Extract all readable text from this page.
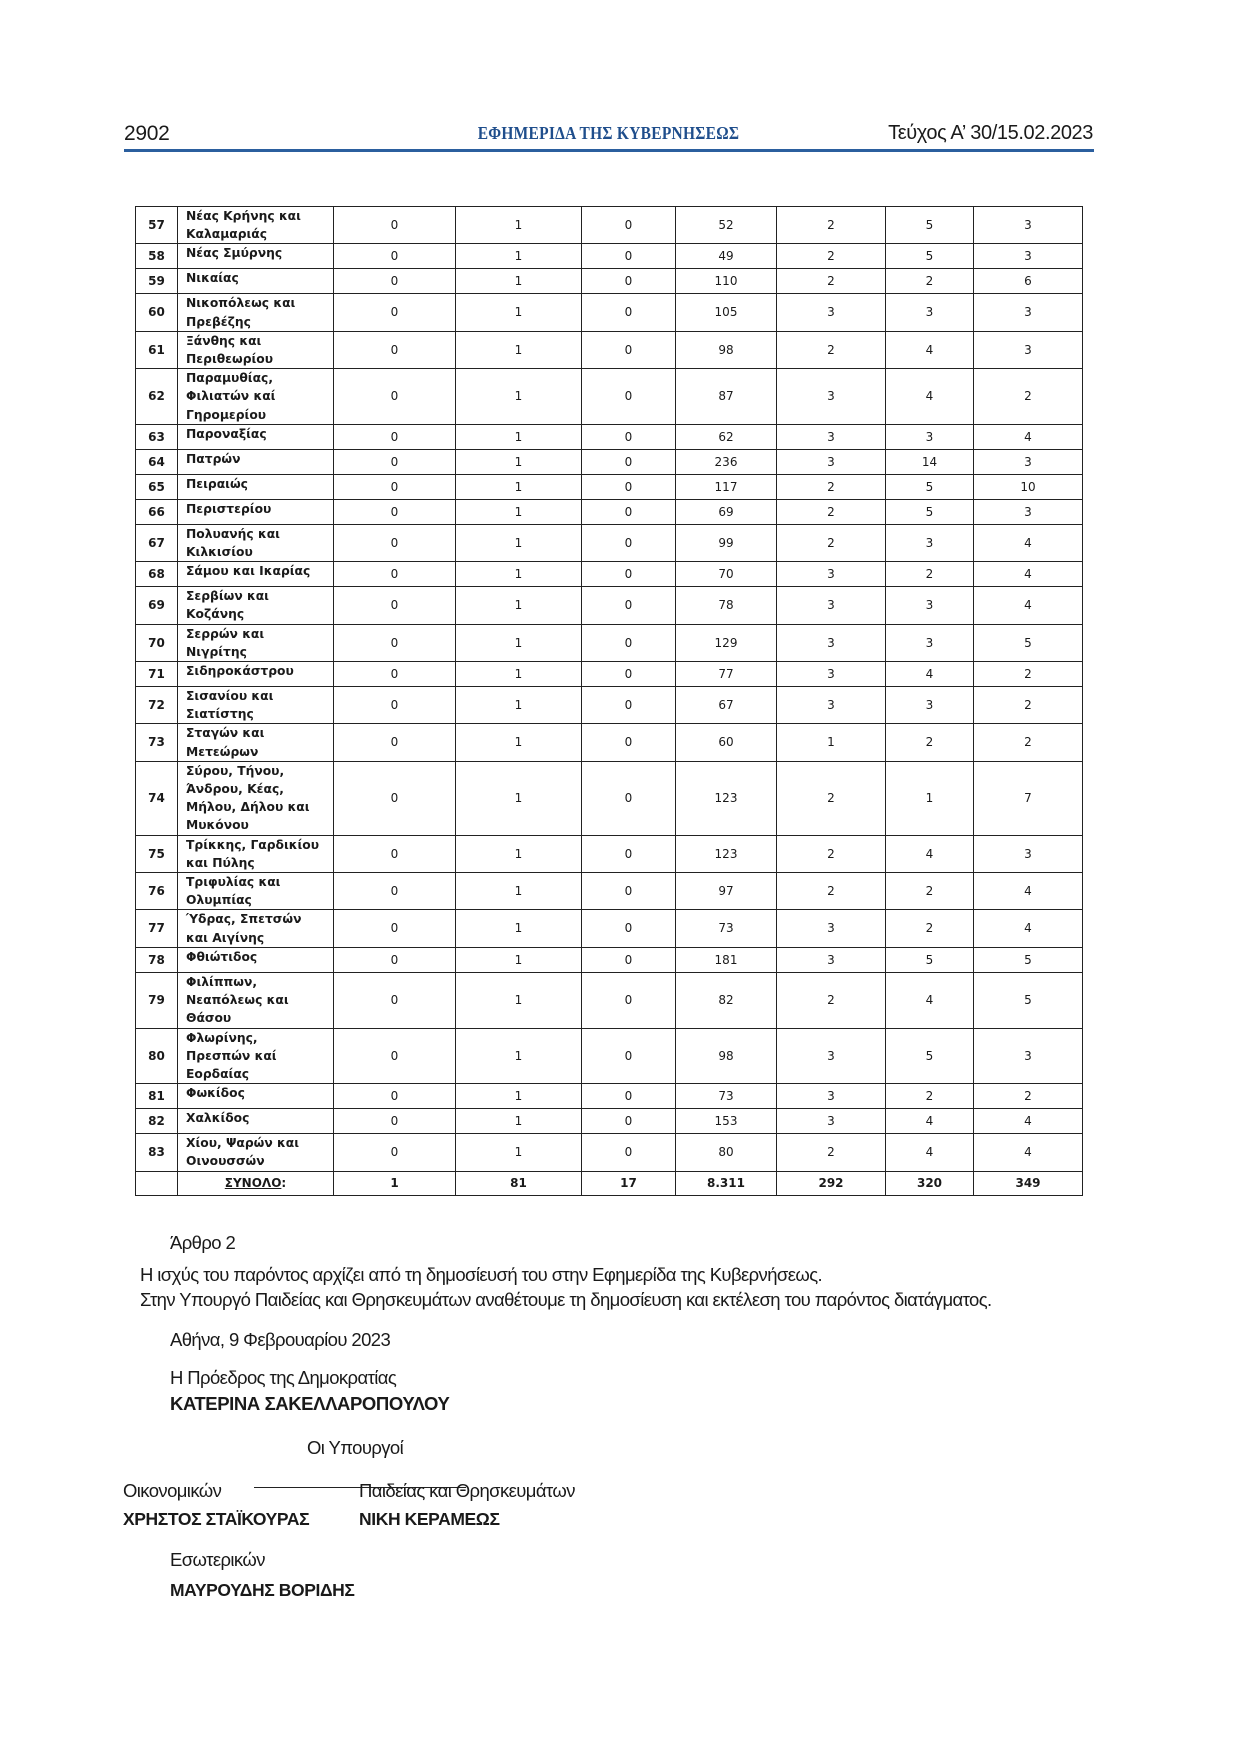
2902	ΕΦΗΜΕΡΙΔΑ ΤΗΣ ΚΥΒΕΡΝΗΣΕΩΣ	Τεύχος Α’ 30/15.02.2023
57	Νέας Κρήνης και Καλαμαριάς	0	1	0	52	2	5	3
58	Νέας Σμύρνης	0	1	0	49	2	5	3
59	Νικαίας	0	1	0	110	2	2	6
60	Νικοπόλεως και Πρεβέζης	0	1	0	105	3	3	3
61	Ξάνθης και Περιθεωρίου	0	1	0	98	2	4	3
62	Παραμυθίας, Φιλιατών καί Γηρομερίου	0	1	0	87	3	4	2
63	Παροναξίας	0	1	0	62	3	3	4
64	Πατρών	0	1	0	236	3	14	3
65	Πειραιώς	0	1	0	117	2	5	10
66	Περιστερίου	0	1	0	69	2	5	3
67	Πολυανής και Κιλκισίου	0	1	0	99	2	3	4
68	Σάμου και Ικαρίας	0	1	0	70	3	2	4
69	Σερβίων και Κοζάνης	0	1	0	78	3	3	4
70	Σερρών και Νιγρίτης	0	1	0	129	3	3	5
71	Σιδηροκάστρου	0	1	0	77	3	4	2
72	Σισανίου και Σιατίστης	0	1	0	67	3	3	2
73	Σταγών και Μετεώρων	0	1	0	60	1	2	2
74	Σύρου, Τήνου, Άνδρου, Κέας, Μήλου, Δήλου και Μυκόνου	0	1	0	123	2	1	7
75	Τρίκκης, Γαρδικίου και Πύλης	0	1	0	123	2	4	3
76	Τριφυλίας και Ολυμπίας	0	1	0	97	2	2	4
77	Ύδρας, Σπετσών και Αιγίνης	0	1	0	73	3	2	4
78	Φθιώτιδος	0	1	0	181	3	5	5
79	Φιλίππων, Νεαπόλεως και Θάσου	0	1	0	82	2	4	5
80	Φλωρίνης, Πρεσπών καί Εορδαίας	0	1	0	98	3	5	3
81	Φωκίδος	0	1	0	73	3	2	2
82	Χαλκίδος	0	1	0	153	3	4	4
83	Χίου, Ψαρών και Οινουσσών	0	1	0	80	2	4	4
	ΣΥΝΟΛΟ:	1	81	17	8.311	292	320	349
Άρθρο 2
Η ισχύς του παρόντος αρχίζει από τη δημοσίευσή του στην Εφημερίδα της Κυβερνήσεως.
Στην Υπουργό Παιδείας και Θρησκευμάτων αναθέτουμε τη δημοσίευση και εκτέλεση του παρόντος διατάγματος.
Αθήνα, 9 Φεβρουαρίου 2023
Η Πρόεδρος της Δημοκρατίας
ΚΑΤΕΡΙΝΑ ΣΑΚΕΛΛΑΡΟΠΟΥΛΟΥ
Οι Υπουργοί
Οικονομικών
ΧΡΗΣΤΟΣ ΣΤΑΪΚΟΥΡΑΣ
Παιδείας και Θρησκευμάτων
ΝΙΚΗ ΚΕΡΑΜΕΩΣ
Εσωτερικών
ΜΑΥΡΟΥΔΗΣ ΒΟΡΙΔΗΣ
